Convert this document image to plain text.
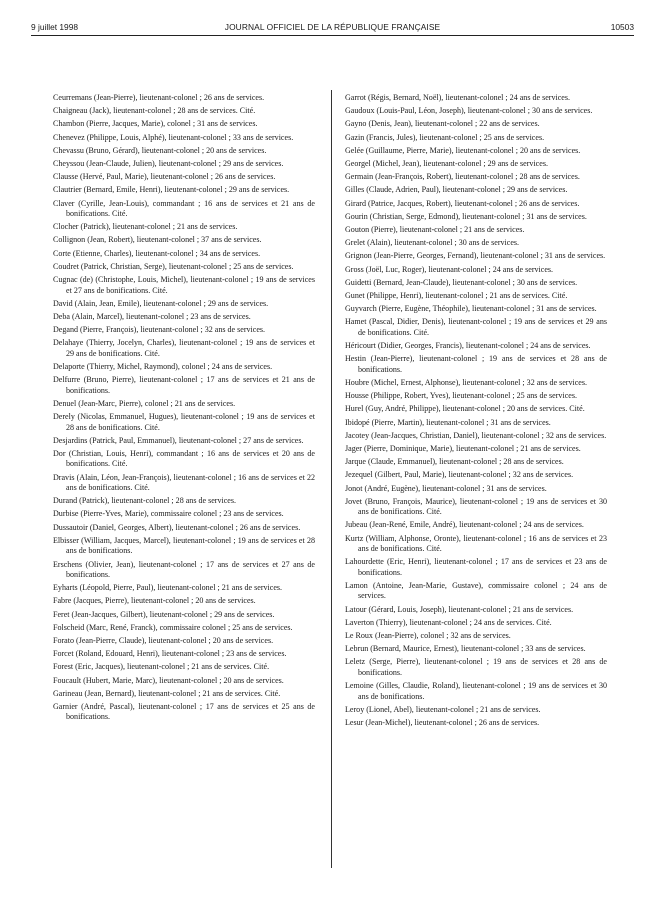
9 juillet 1998	JOURNAL OFFICIEL DE LA RÉPUBLIQUE FRANÇAISE	10503

Ceurremans (Jean-Pierre), lieutenant-colonel ; 26 ans de services.

Chaigneau (Jack), lieutenant-colonel ; 28 ans de services. Cité.

Chambon (Pierre, Jacques, Marie), colonel ; 31 ans de services.

Chenevez (Philippe, Louis, Alphé), lieutenant-colonel ; 33 ans de services.

Chevassu (Bruno, Gérard), lieutenant-colonel ; 20 ans de services.

Cheyssou (Jean-Claude, Julien), lieutenant-colonel ; 29 ans de services.

Clausse (Hervé, Paul, Marie), lieutenant-colonel ; 26 ans de services.

Clautrier (Bernard, Emile, Henri), lieutenant-colonel ; 29 ans de services.

Claver (Cyrille, Jean-Louis), commandant ; 16 ans de services et 21 ans de bonifications. Cité.

Clocher (Patrick), lieutenant-colonel ; 21 ans de services.

Collignon (Jean, Robert), lieutenant-colonel ; 37 ans de services.

Corte (Etienne, Charles), lieutenant-colonel ; 34 ans de services.

Coudret (Patrick, Christian, Serge), lieutenant-colonel ; 25 ans de services.

Cugnac (de) (Christophe, Louis, Michel), lieutenant-colonel ; 19 ans de services et 27 ans de bonifications. Cité.

David (Alain, Jean, Emile), lieutenant-colonel ; 29 ans de services.

Deba (Alain, Marcel), lieutenant-colonel ; 23 ans de services.

Degand (Pierre, François), lieutenant-colonel ; 32 ans de services.

Delahaye (Thierry, Jocelyn, Charles), lieutenant-colonel ; 19 ans de services et 29 ans de bonifications. Cité.

Delaporte (Thierry, Michel, Raymond), colonel ; 24 ans de services.

Delfurre (Bruno, Pierre), lieutenant-colonel ; 17 ans de services et 21 ans de bonifications.

Denuel (Jean-Marc, Pierre), colonel ; 21 ans de services.

Derely (Nicolas, Emmanuel, Hugues), lieutenant-colonel ; 19 ans de services et 28 ans de bonifications. Cité.

Desjardins (Patrick, Paul, Emmanuel), lieutenant-colonel ; 27 ans de services.

Dor (Christian, Louis, Henri), commandant ; 16 ans de services et 20 ans de bonifications. Cité.

Dravis (Alain, Léon, Jean-François), lieutenant-colonel ; 16 ans de services et 22 ans de bonifications. Cité.

Durand (Patrick), lieutenant-colonel ; 28 ans de services.

Durbise (Pierre-Yves, Marie), commissaire colonel ; 23 ans de services.

Dussautoir (Daniel, Georges, Albert), lieutenant-colonel ; 26 ans de services.

Elbisser (William, Jacques, Marcel), lieutenant-colonel ; 19 ans de services et 28 ans de bonifications.

Erschens (Olivier, Jean), lieutenant-colonel ; 17 ans de services et 27 ans de bonifications.

Eyharts (Léopold, Pierre, Paul), lieutenant-colonel ; 21 ans de services.

Fabre (Jacques, Pierre), lieutenant-colonel ; 20 ans de services.

Feret (Jean-Jacques, Gilbert), lieutenant-colonel ; 29 ans de services.

Folscheid (Marc, René, Franck), commissaire colonel ; 25 ans de services.

Forato (Jean-Pierre, Claude), lieutenant-colonel ; 20 ans de services.

Forcet (Roland, Edouard, Henri), lieutenant-colonel ; 23 ans de services.

Forest (Eric, Jacques), lieutenant-colonel ; 21 ans de services. Cité.

Foucault (Hubert, Marie, Marc), lieutenant-colonel ; 20 ans de services.

Garineau (Jean, Bernard), lieutenant-colonel ; 21 ans de services. Cité.

Garnier (André, Pascal), lieutenant-colonel ; 17 ans de services et 25 ans de bonifications.

Garrot (Régis, Bernard, Noël), lieutenant-colonel ; 24 ans de services.

Gaudoux (Louis-Paul, Léon, Joseph), lieutenant-colonel ; 30 ans de services.

Gayno (Denis, Jean), lieutenant-colonel ; 22 ans de services.

Gazin (Francis, Jules), lieutenant-colonel ; 25 ans de services.

Gelée (Guillaume, Pierre, Marie), lieutenant-colonel ; 20 ans de services.

Georgel (Michel, Jean), lieutenant-colonel ; 29 ans de services.

Germain (Jean-François, Robert), lieutenant-colonel ; 28 ans de services.

Gilles (Claude, Adrien, Paul), lieutenant-colonel ; 29 ans de services.

Girard (Patrice, Jacques, Robert), lieutenant-colonel ; 26 ans de services.

Gourin (Christian, Serge, Edmond), lieutenant-colonel ; 31 ans de services.

Gouton (Pierre), lieutenant-colonel ; 21 ans de services.

Grelet (Alain), lieutenant-colonel ; 30 ans de services.

Grignon (Jean-Pierre, Georges, Fernand), lieutenant-colonel ; 31 ans de services.

Gross (Joël, Luc, Roger), lieutenant-colonel ; 24 ans de services.

Guidetti (Bernard, Jean-Claude), lieutenant-colonel ; 30 ans de services.

Gunet (Philippe, Henri), lieutenant-colonel ; 21 ans de services. Cité.

Guyvarch (Pierre, Eugène, Théophile), lieutenant-colonel ; 31 ans de services.

Hamet (Pascal, Didier, Denis), lieutenant-colonel ; 19 ans de services et 29 ans de bonifications. Cité.

Héricourt (Didier, Georges, Francis), lieutenant-colonel ; 24 ans de services.

Hestin (Jean-Pierre), lieutenant-colonel ; 19 ans de services et 28 ans de bonifications.

Houbre (Michel, Ernest, Alphonse), lieutenant-colonel ; 32 ans de services.

Housse (Philippe, Robert, Yves), lieutenant-colonel ; 25 ans de services.

Hurel (Guy, André, Philippe), lieutenant-colonel ; 20 ans de services. Cité.

Ibidopé (Pierre, Martin), lieutenant-colonel ; 31 ans de services.

Jacotey (Jean-Jacques, Christian, Daniel), lieutenant-colonel ; 32 ans de services.

Jager (Pierre, Dominique, Marie), lieutenant-colonel ; 21 ans de services.

Jarque (Claude, Emmanuel), lieutenant-colonel ; 28 ans de services.

Jezequel (Gilbert, Paul, Marie), lieutenant-colonel ; 32 ans de services.

Jonot (André, Eugène), lieutenant-colonel ; 31 ans de services.

Jovet (Bruno, François, Maurice), lieutenant-colonel ; 19 ans de services et 30 ans de bonifications. Cité.

Jubeau (Jean-René, Emile, André), lieutenant-colonel ; 24 ans de services.

Kurtz (William, Alphonse, Oronte), lieutenant-colonel ; 16 ans de services et 23 ans de bonifications. Cité.

Lahourdette (Eric, Henri), lieutenant-colonel ; 17 ans de services et 23 ans de bonifications.

Lamon (Antoine, Jean-Marie, Gustave), commissaire colonel ; 24 ans de services.

Latour (Gérard, Louis, Joseph), lieutenant-colonel ; 21 ans de services.

Laverton (Thierry), lieutenant-colonel ; 24 ans de services. Cité.

Le Roux (Jean-Pierre), colonel ; 32 ans de services.

Lebrun (Bernard, Maurice, Ernest), lieutenant-colonel ; 33 ans de services.

Leletz (Serge, Pierre), lieutenant-colonel ; 19 ans de services et 28 ans de bonifications.

Lemoine (Gilles, Claudie, Roland), lieutenant-colonel ; 19 ans de services et 30 ans de bonifications.

Leroy (Lionel, Abel), lieutenant-colonel ; 21 ans de services.

Lesur (Jean-Michel), lieutenant-colonel ; 26 ans de services.
